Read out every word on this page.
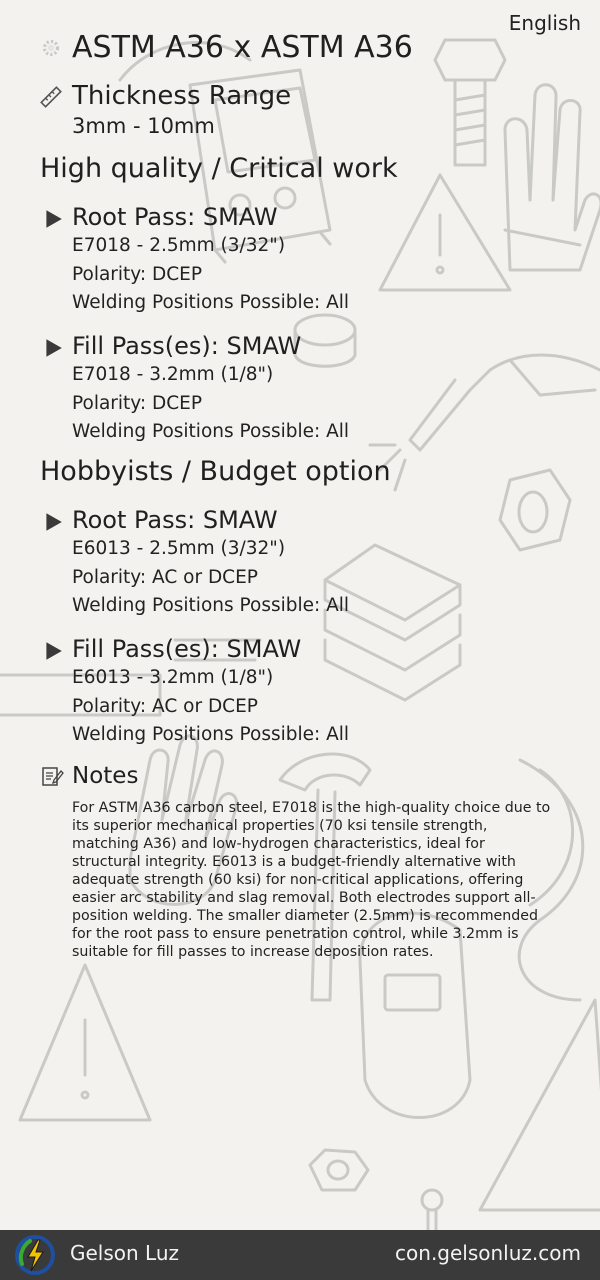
English
ASTM A36 x ASTM A36
Thickness Range
3mm - 10mm
High quality / Critical work
Root Pass: SMAW
E7018 - 2.5mm (3/32")
Polarity: DCEP
Welding Positions Possible: All
Fill Pass(es): SMAW
E7018 - 3.2mm (1/8")
Polarity: DCEP
Welding Positions Possible: All
Hobbyists / Budget option
Root Pass: SMAW
E6013 - 2.5mm (3/32")
Polarity: AC or DCEP
Welding Positions Possible: All
Fill Pass(es): SMAW
E6013 - 3.2mm (1/8")
Polarity: AC or DCEP
Welding Positions Possible: All
Notes
For ASTM A36 carbon steel, E7018 is the high-quality choice due to its superior mechanical properties (70 ksi tensile strength, matching A36) and low-hydrogen characteristics, ideal for structural integrity. E6013 is a budget-friendly alternative with adequate strength (60 ksi) for non-critical applications, offering easier arc stability and slag removal. Both electrodes support all-position welding. The smaller diameter (2.5mm) is recommended for the root pass to ensure penetration control, while 3.2mm is suitable for fill passes to increase deposition rates.
Gelson Luz	con.gelsonluz.com
